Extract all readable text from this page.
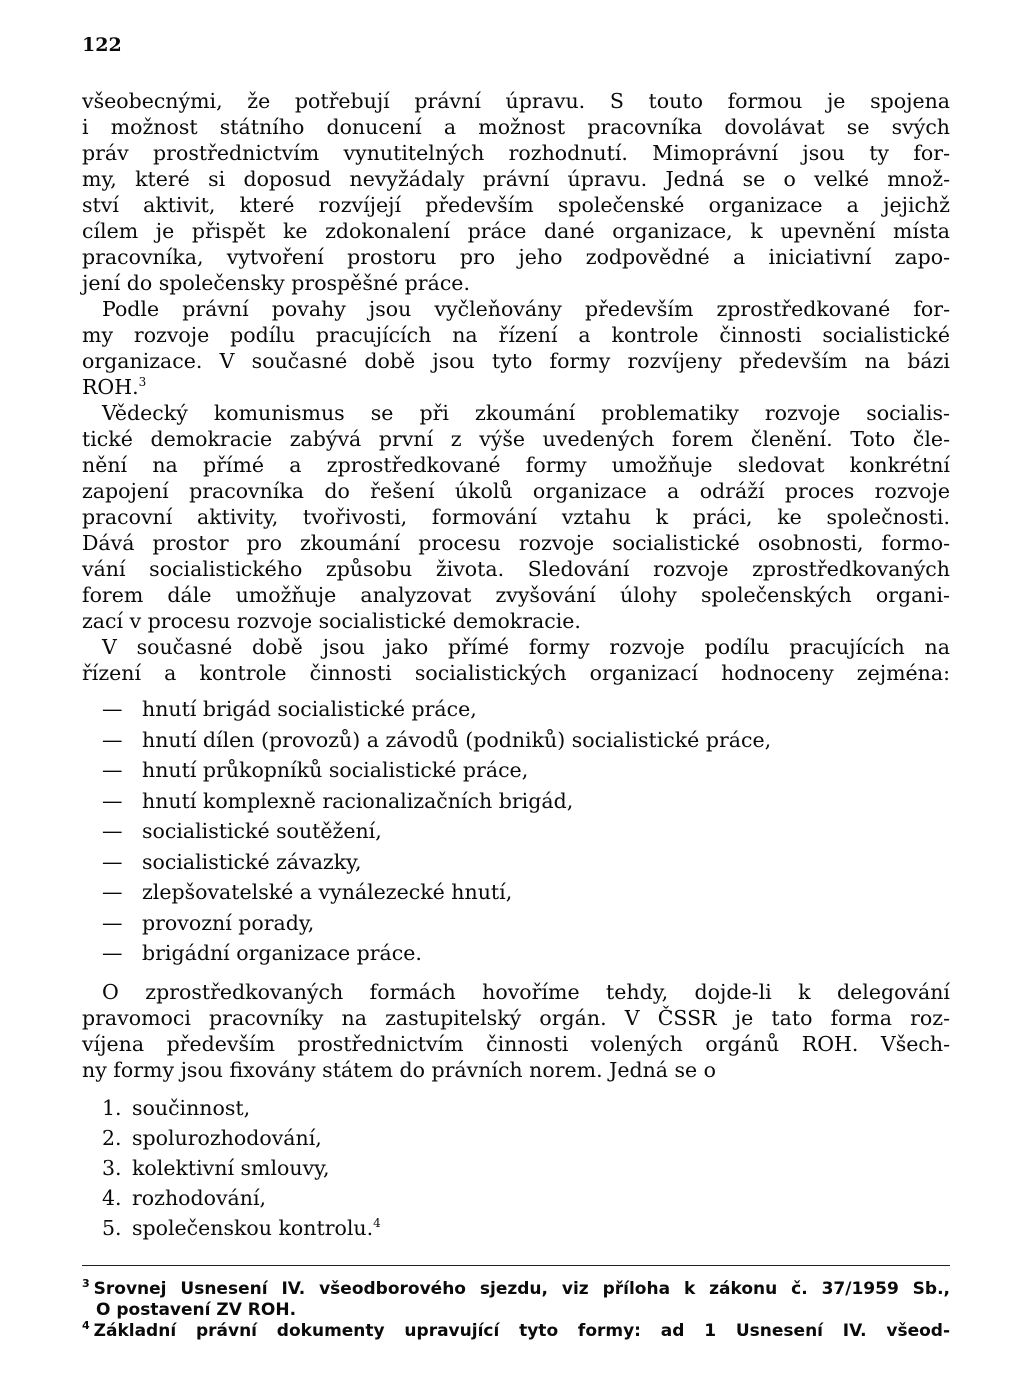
122
všeobecnými, že potřebují právní úpravu. S touto formou je spojena
i možnost státního donucení a možnost pracovníka dovolávat se svých
práv prostřednictvím vynutitelných rozhodnutí. Mimoprávní jsou ty for-
my, které si doposud nevyžádaly právní úpravu. Jedná se o velké množ-
ství aktivit, které rozvíjejí především společenské organizace a jejichž
cílem je přispět ke zdokonalení práce dané organizace, k upevnění místa
pracovníka, vytvoření prostoru pro jeho zodpovědné a iniciativní zapo-
jení do společensky prospěšné práce.
Podle právní povahy jsou vyčleňovány především zprostředkované for-
my rozvoje podílu pracujících na řízení a kontrole činnosti socialistické
organizace. V současné době jsou tyto formy rozvíjeny především na bázi
ROH.$^3$
Vědecký komunismus se při zkoumání problematiky rozvoje socialis-
tické demokracie zabývá první z výše uvedených forem členění. Toto čle-
nění na přímé a zprostředkované formy umožňuje sledovat konkrétní
zapojení pracovníka do řešení úkolů organizace a odráží proces rozvoje
pracovní aktivity, tvořivosti, formování vztahu k práci, ke společnosti.
Dává prostor pro zkoumání procesu rozvoje socialistické osobnosti, formo-
vání socialistického způsobu života. Sledování rozvoje zprostředkovaných
forem dále umožňuje analyzovat zvyšování úlohy společenských organi-
zací v procesu rozvoje socialistické demokracie.
V současné době jsou jako přímé formy rozvoje podílu pracujících na
řízení a kontrole činnosti socialistických organizací hodnoceny zejména:
— hnutí brigád socialistické práce,
— hnutí dílen (provozů) a závodů (podniků) socialistické práce,
— hnutí průkopníků socialistické práce,
— hnutí komplexně racionalizačních brigád,
— socialistické soutěžení,
— socialistické závazky,
— zlepšovatelské a vynálezecké hnutí,
— provozní porady,
— brigádní organizace práce.
O zprostředkovaných formách hovoříme tehdy, dojde-li k delegování
pravomoci pracovníky na zastupitelský orgán. V ČSSR je tato forma roz-
víjena především prostřednictvím činnosti volených orgánů ROH. Všech-
ny formy jsou fixovány státem do právních norem. Jedná se o
1. součinnost,
2. spolurozhodování,
3. kolektivní smlouvy,
4. rozhodování,
5. společenskou kontrolu.$^4$
$^3$ Srovnej Usnesení IV. všeodborového sjezdu, viz příloha k zákonu č. 37/1959 Sb.,
O postavení ZV ROH.
$^4$ Základní právní dokumenty upravující tyto formy: ad 1 Usnesení IV. všeod-
